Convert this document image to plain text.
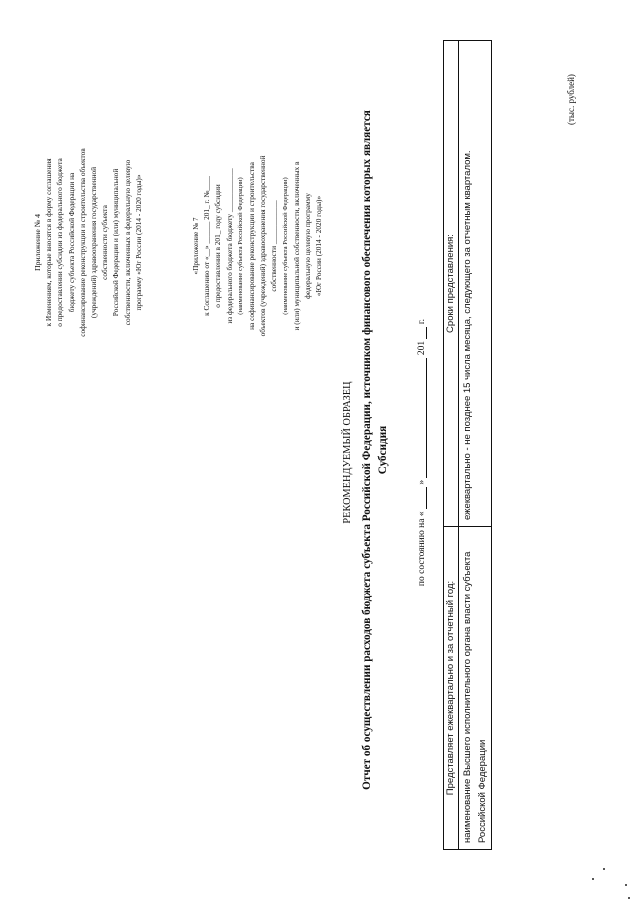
Приложение № 4 к Изменениям, которые вносятся в форму соглашения о предоставлении субсидии из федерального бюджета бюджету субъекта Российской Федерации на софинансирование реконструкции и строительства объектов (учреждений) здравоохранения государственной собственности субъекта Российской Федерации и (или) муниципальной собственности, включенных в федеральную целевую программу «Юг России (2014 - 2020 годы)»	«Приложение № 7 к Соглашению от «__» ______ 201_ г. №____ о предоставлении в 201_ году субсидии из федерального бюджета бюджету ____________ (наименование субъекта Российской Федерации) на софинансирование реконструкции и строительства объектов (учреждений) здравоохранения государственной собственности ____________ (наименование субъекта Российской Федерации) и (или) муниципальной собственности, включенных в федеральную целевую программу «Юг России (2014 - 2020 годы)»
РЕКОМЕНДУЕМЫЙ ОБРАЗЕЦ Отчет об осуществлении расходов бюджета субъекта Российской Федерации, источником финансового обеспечения которых является Субсидия
по состоянию на «  »  201  г.
Представляет ежеквартально и за отчетный год:	Сроки представления:
наименование Высшего исполнительного органа власти субъекта Российской Федерации	ежеквартально - не позднее 15 числа месяца, следующего за отчетным кварталом.
(тыс. рублей)
